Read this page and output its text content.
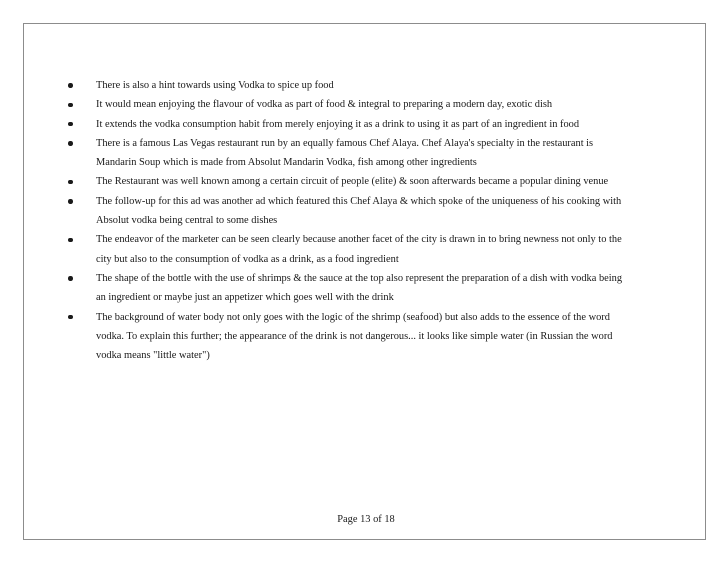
There is also a hint towards using Vodka to spice up food
It would mean enjoying the flavour of vodka as part of food & integral to preparing a modern day, exotic dish
It extends the vodka consumption habit from merely enjoying it as a drink to using it as part of an ingredient in food
There is a famous Las Vegas restaurant run by an equally famous Chef Alaya. Chef Alaya's specialty in the restaurant is
Mandarin Soup which is made from Absolut Mandarin Vodka, fish among other ingredients
The Restaurant was well known among a certain circuit of people (elite) & soon afterwards became a popular dining venue
The follow-up for this ad was another ad which featured this Chef Alaya & which spoke of the uniqueness of his cooking with
Absolut vodka being central to some dishes
The endeavor of the marketer can be seen clearly because another facet of the city is drawn in to bring newness not only to the
city but also to the consumption of vodka as a drink, as a food ingredient
The shape of the bottle with the use of shrimps & the sauce at the top also represent the preparation of a dish with vodka being
an ingredient or maybe just an appetizer which goes well with the drink
The background of water body not only goes with the logic of the shrimp (seafood) but also adds to the essence of the word
vodka. To explain this further; the appearance of the drink is not dangerous... it looks like simple water (in Russian the word
vodka means "little water")
Page 13 of 18
